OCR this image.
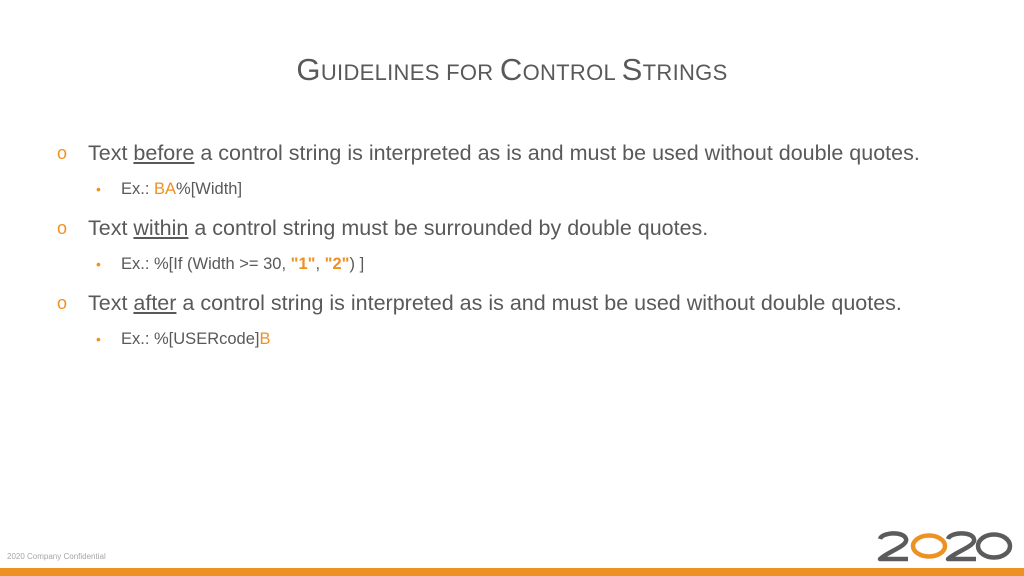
GUIDELINES FOR CONTROL STRINGS

o Text before a control string is interpreted as is and must be used without double quotes.

• Ex.: BA%[Width]

o Text within a control string must be surrounded by double quotes.

• Ex.: %[If (Width >= 30, "1", "2") ]

o Text after a control string is interpreted as is and must be used without double quotes.

• Ex.: %[USERcode]B

2020 Company Confidential
